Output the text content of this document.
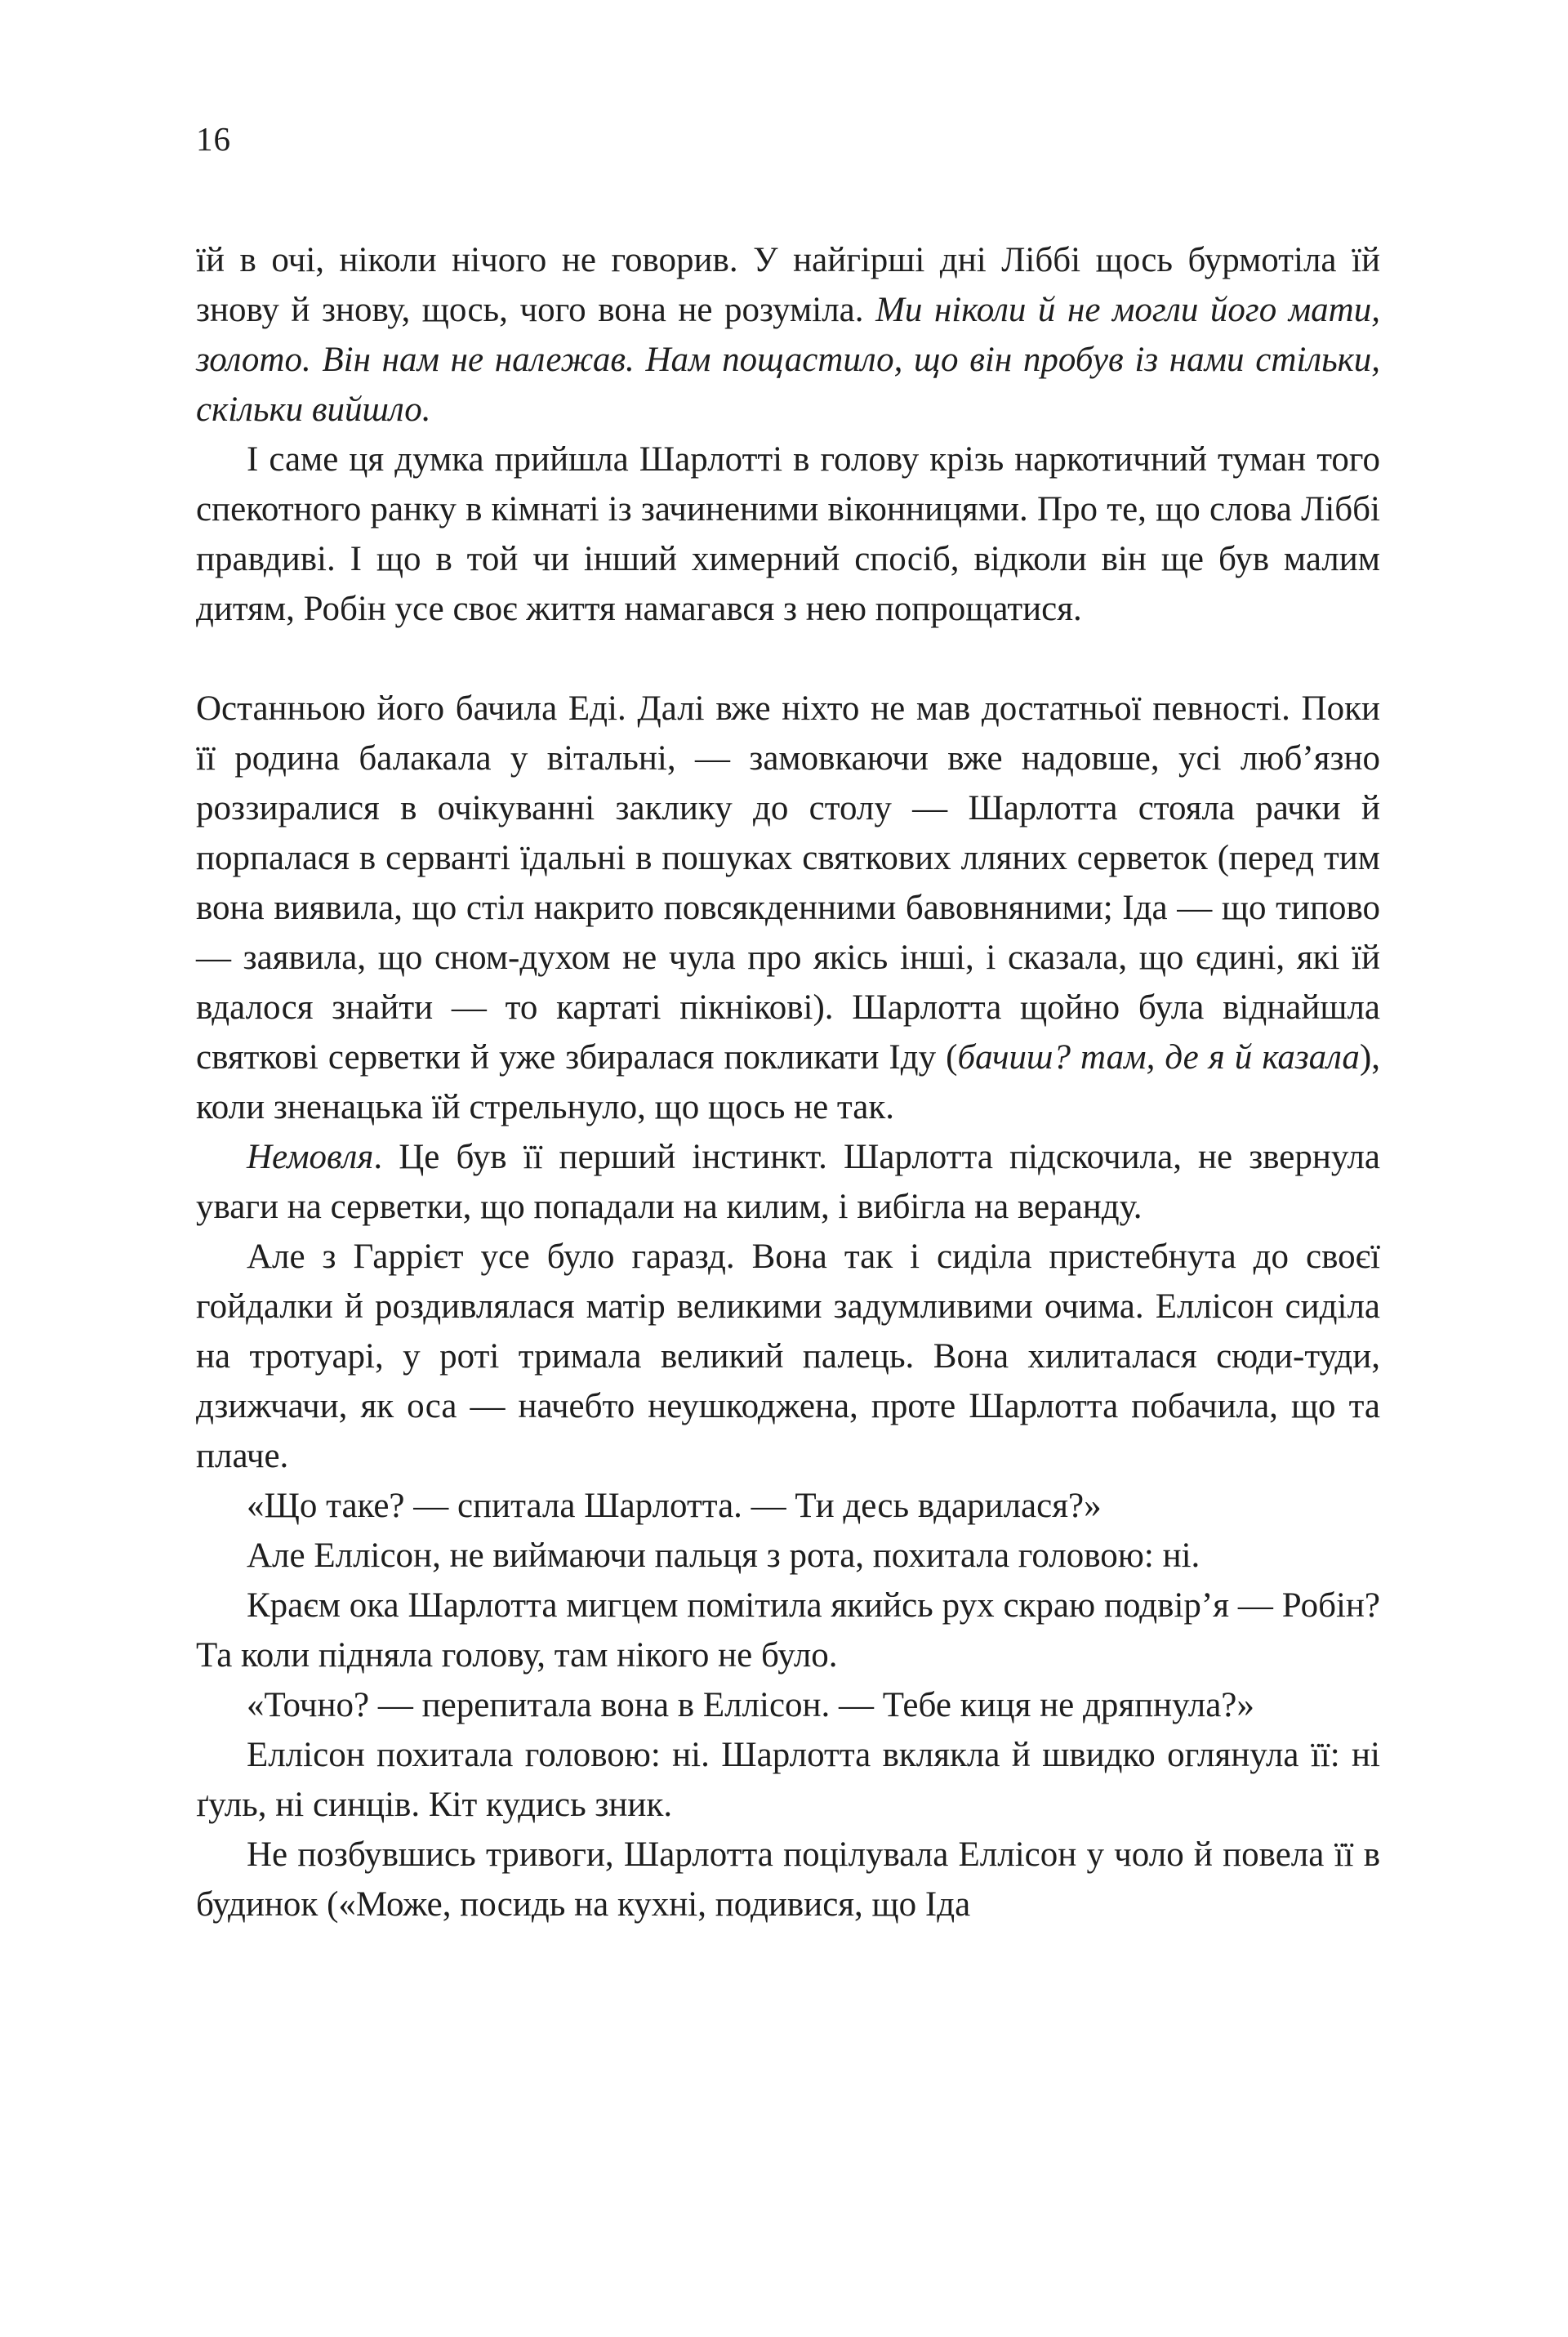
16

їй в очі, ніколи нічого не говорив. У найгірші дні Ліббі щось бурмотіла їй знову й знову, щось, чого вона не розуміла. Ми ніколи й не могли його мати, золото. Він нам не належав. Нам пощастило, що він пробув із нами стільки, скільки вийшло.

І саме ця думка прийшла Шарлотті в голову крізь наркотичний туман того спекотного ранку в кімнаті із зачиненими віконницями. Про те, що слова Ліббі правдиві. І що в той чи інший химерний спосіб, відколи він ще був малим дитям, Робін усе своє життя намагався з нею попрощатися.

Останньою його бачила Еді. Далі вже ніхто не мав достатньої певності. Поки її родина балакала у вітальні, — замовкаючи вже надовше, усі люб’язно роззиралися в очікуванні заклику до столу — Шарлотта стояла рачки й порпалася в серванті їдальні в пошуках святкових лляних серветок (перед тим вона виявила, що стіл накрито повсякденними бавовняними; Іда — що типово — заявила, що сном-духом не чула про якісь інші, і сказала, що єдині, які їй вдалося знайти — то картаті пікнікові). Шарлотта щойно була віднайшла святкові серветки й уже збиралася покликати Іду (бачиш? там, де я й казала), коли зненацька їй стрельнуло, що щось не так.

Немовля. Це був її перший інстинкт. Шарлотта підскочила, не звернула уваги на серветки, що попадали на килим, і вибігла на веранду.

Але з Гаррієт усе було гаразд. Вона так і сиділа пристебнута до своєї гойдалки й роздивлялася матір великими задумливими очима. Еллісон сиділа на тротуарі, у роті тримала великий палець. Вона хилиталася сюди-туди, дзижчачи, як оса — начебто неушкоджена, проте Шарлотта побачила, що та плаче.

«Що таке? — спитала Шарлотта. — Ти десь вдарилася?»

Але Еллісон, не виймаючи пальця з рота, похитала головою: ні.

Краєм ока Шарлотта мигцем помітила якийсь рух скраю подвір’я — Робін? Та коли підняла голову, там нікого не було.

«Точно? — перепитала вона в Еллісон. — Тебе киця не дряпнула?»

Еллісон похитала головою: ні. Шарлотта вклякла й швидко оглянула її: ні ґуль, ні синців. Кіт кудись зник.

Не позбувшись тривоги, Шарлотта поцілувала Еллісон у чоло й повела її в будинок («Може, посидь на кухні, подивися, що Іда
